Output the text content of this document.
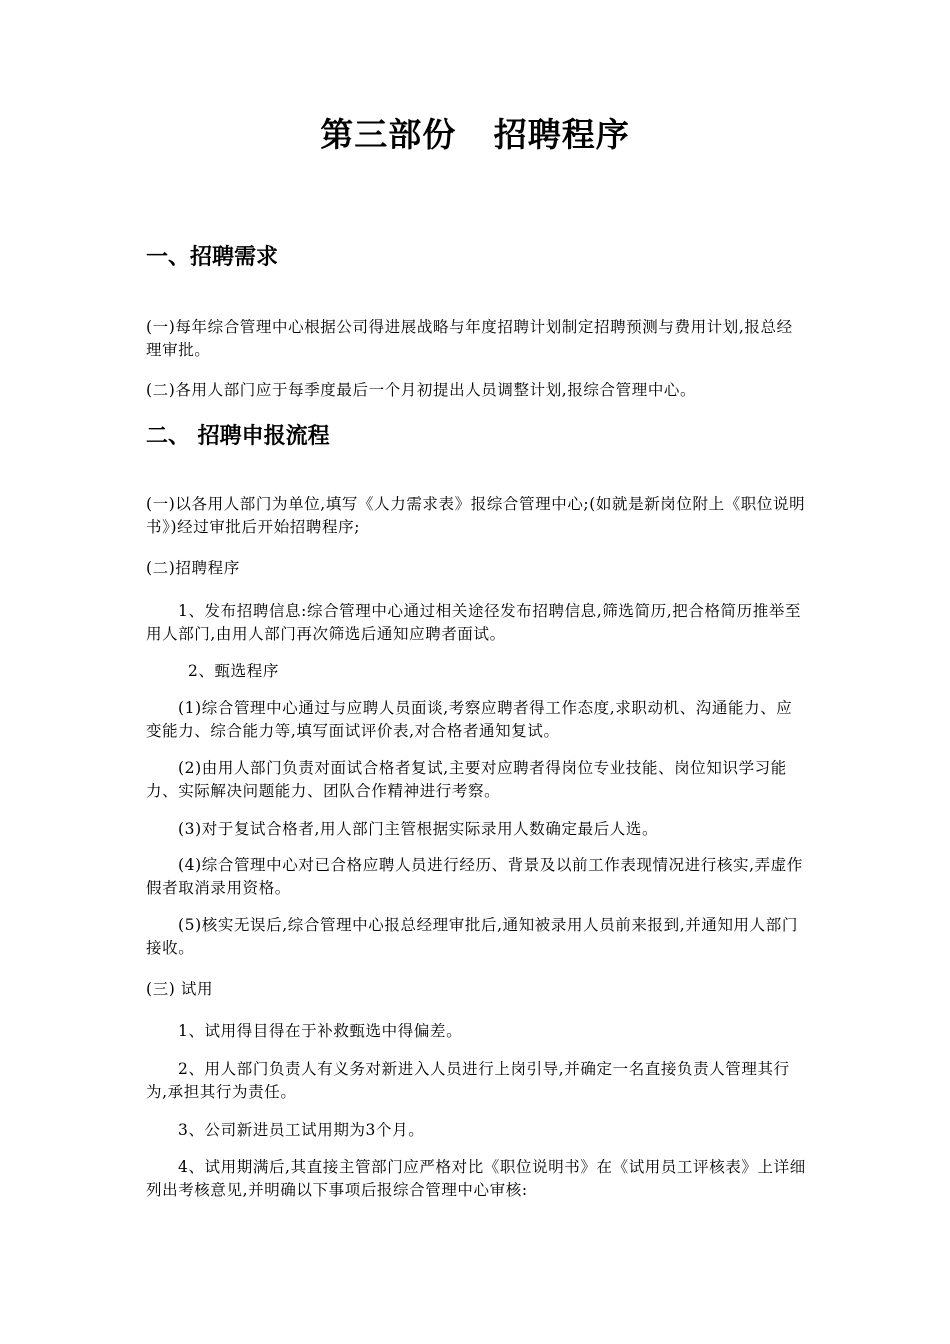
第三部份   招聘程序
一、招聘需求

(一)每年综合管理中心根据公司得进展战略与年度招聘计划制定招聘预测与费用计划,报总经理审批。

(二)各用人部门应于每季度最后一个月初提出人员调整计划,报综合管理中心。

二、 招聘申报流程

(一)以各用人部门为单位,填写《人力需求表》报综合管理中心;(如就是新岗位附上《职位说明书》)经过审批后开始招聘程序;

(二)招聘程序

1、发布招聘信息:综合管理中心通过相关途径发布招聘信息,筛选简历,把合格简历推举至用人部门,由用人部门再次筛选后通知应聘者面试。

2、甄选程序

(1)综合管理中心通过与应聘人员面谈,考察应聘者得工作态度,求职动机、沟通能力、应变能力、综合能力等,填写面试评价表,对合格者通知复试。

(2)由用人部门负责对面试合格者复试,主要对应聘者得岗位专业技能、岗位知识学习能力、实际解决问题能力、团队合作精神进行考察。

(3)对于复试合格者,用人部门主管根据实际录用人数确定最后人选。

(4)综合管理中心对已合格应聘人员进行经历、背景及以前工作表现情况进行核实,弄虚作假者取消录用资格。

(5)核实无误后,综合管理中心报总经理审批后,通知被录用人员前来报到,并通知用人部门接收。

(三) 试用

1、试用得目得在于补救甄选中得偏差。

2、用人部门负责人有义务对新进入人员进行上岗引导,并确定一名直接负责人管理其行为,承担其行为责任。

3、公司新进员工试用期为3个月。

4、试用期满后,其直接主管部门应严格对比《职位说明书》在《试用员工评核表》上详细列出考核意见,并明确以下事项后报综合管理中心审核:
